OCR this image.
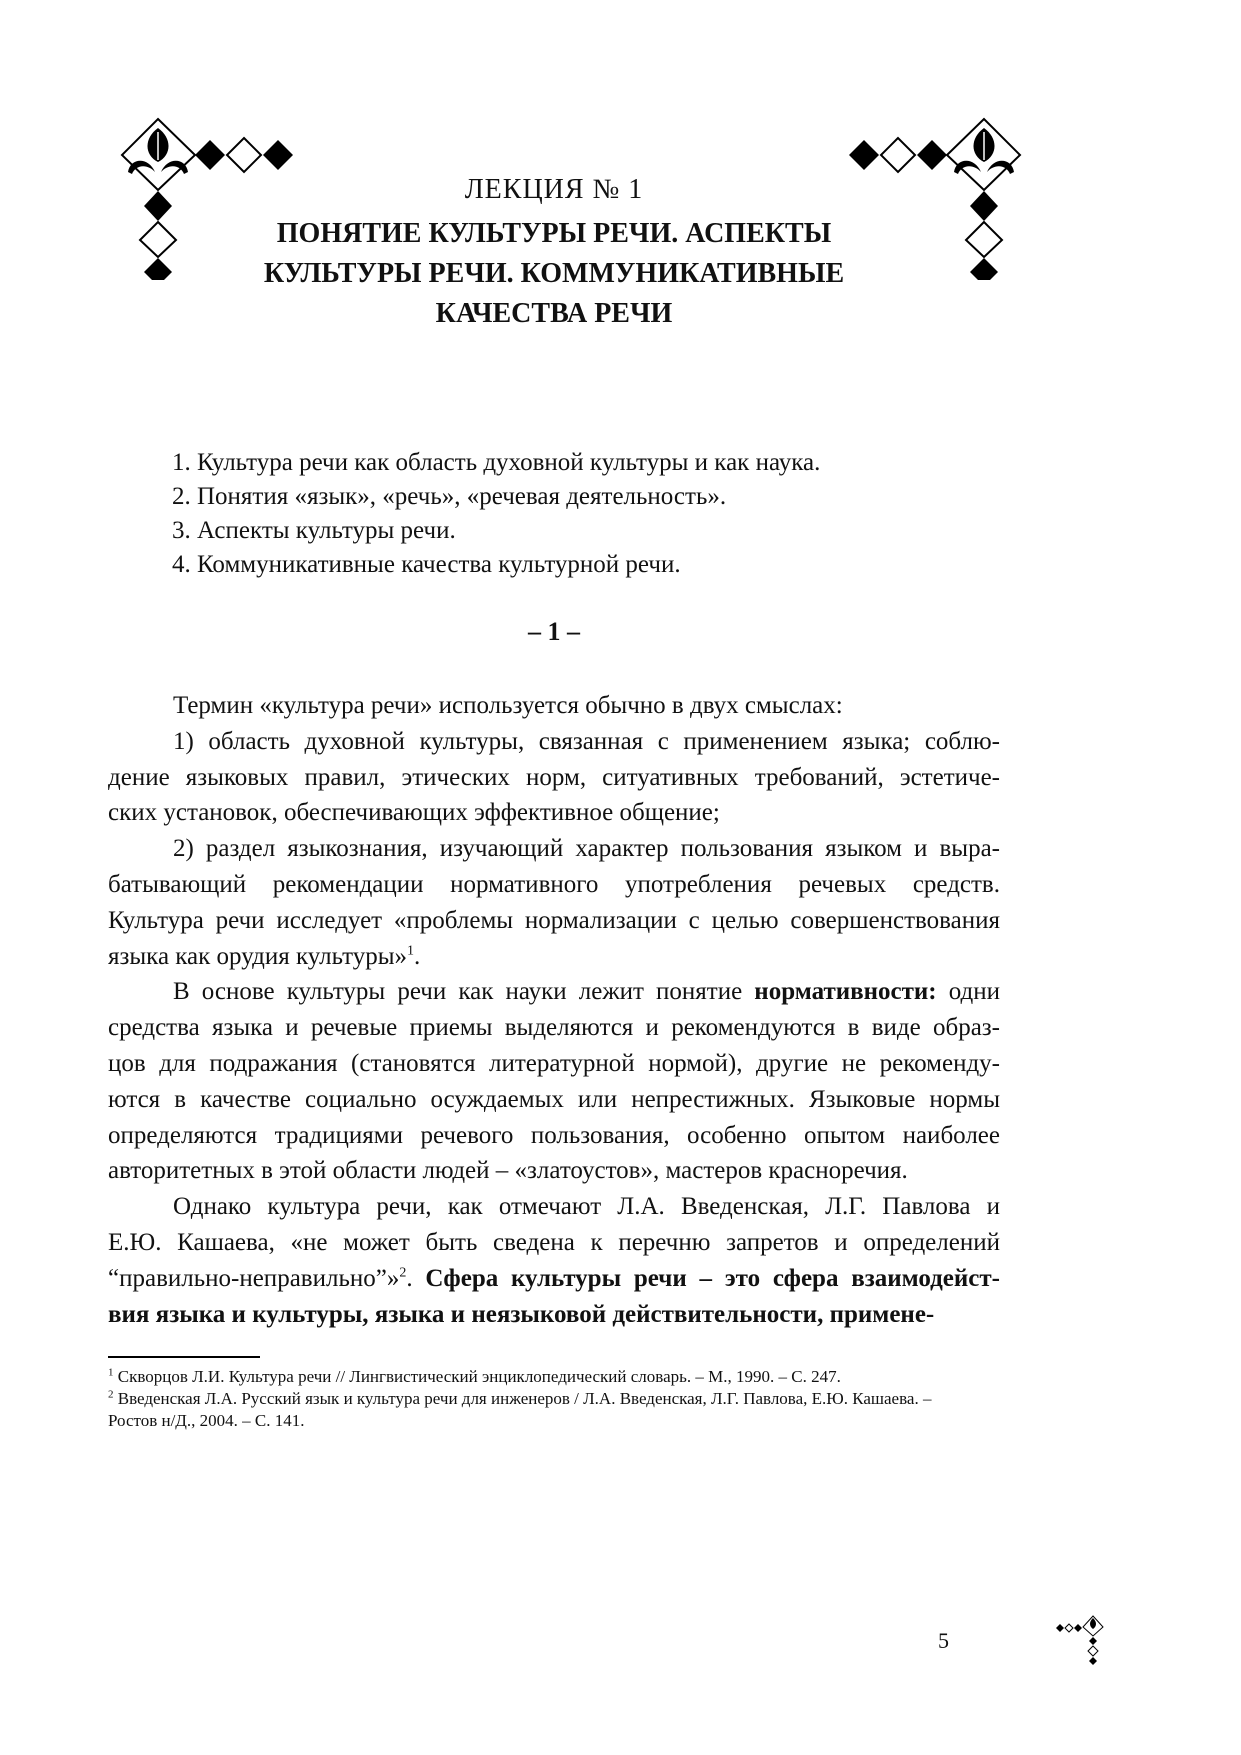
ЛЕКЦИЯ № 1
ПОНЯТИЕ КУЛЬТУРЫ РЕЧИ. АСПЕКТЫ
КУЛЬТУРЫ РЕЧИ. КОММУНИКАТИВНЫЕ
КАЧЕСТВА РЕЧИ
1. Культура речи как область духовной культуры и как наука.
2. Понятия «язык», «речь», «речевая деятельность».
3. Аспекты культуры речи.
4. Коммуникативные качества культурной речи.
– 1 –
Термин «культура речи» используется обычно в двух смыслах:
1) область духовной культуры, связанная с применением языка; соблю-
дение языковых правил, этических норм, ситуативных требований, эстетиче-
ских установок, обеспечивающих эффективное общение;
2) раздел языкознания, изучающий характер пользования языком и выра-
батывающий рекомендации нормативного употребления речевых средств.
Культура речи исследует «проблемы нормализации с целью совершенствования
языка как орудия культуры»$^1$.
В основе культуры речи как науки лежит понятие нормативности: одни
средства языка и речевые приемы выделяются и рекомендуются в виде образ-
цов для подражания (становятся литературной нормой), другие не рекоменду-
ются в качестве социально осуждаемых или непрестижных. Языковые нормы
определяются традициями речевого пользования, особенно опытом наиболее
авторитетных в этой области людей – «златоустов», мастеров красноречия.
Однако культура речи, как отмечают Л.А. Введенская, Л.Г. Павлова и
Е.Ю. Кашаева, «не может быть сведена к перечню запретов и определений
“правильно-неправильно”»$^2$. Сфера культуры речи – это сфера взаимодейст-
вия языка и культуры, языка и неязыковой действительности, примене-
$^1$ Скворцов Л.И. Культура речи // Лингвистический энциклопедический словарь. – М., 1990. – С. 247.
$^2$ Введенская Л.А. Русский язык и культура речи для инженеров / Л.А. Введенская, Л.Г. Павлова, Е.Ю. Кашаева. –
Ростов н/Д., 2004. – С. 141.
5
